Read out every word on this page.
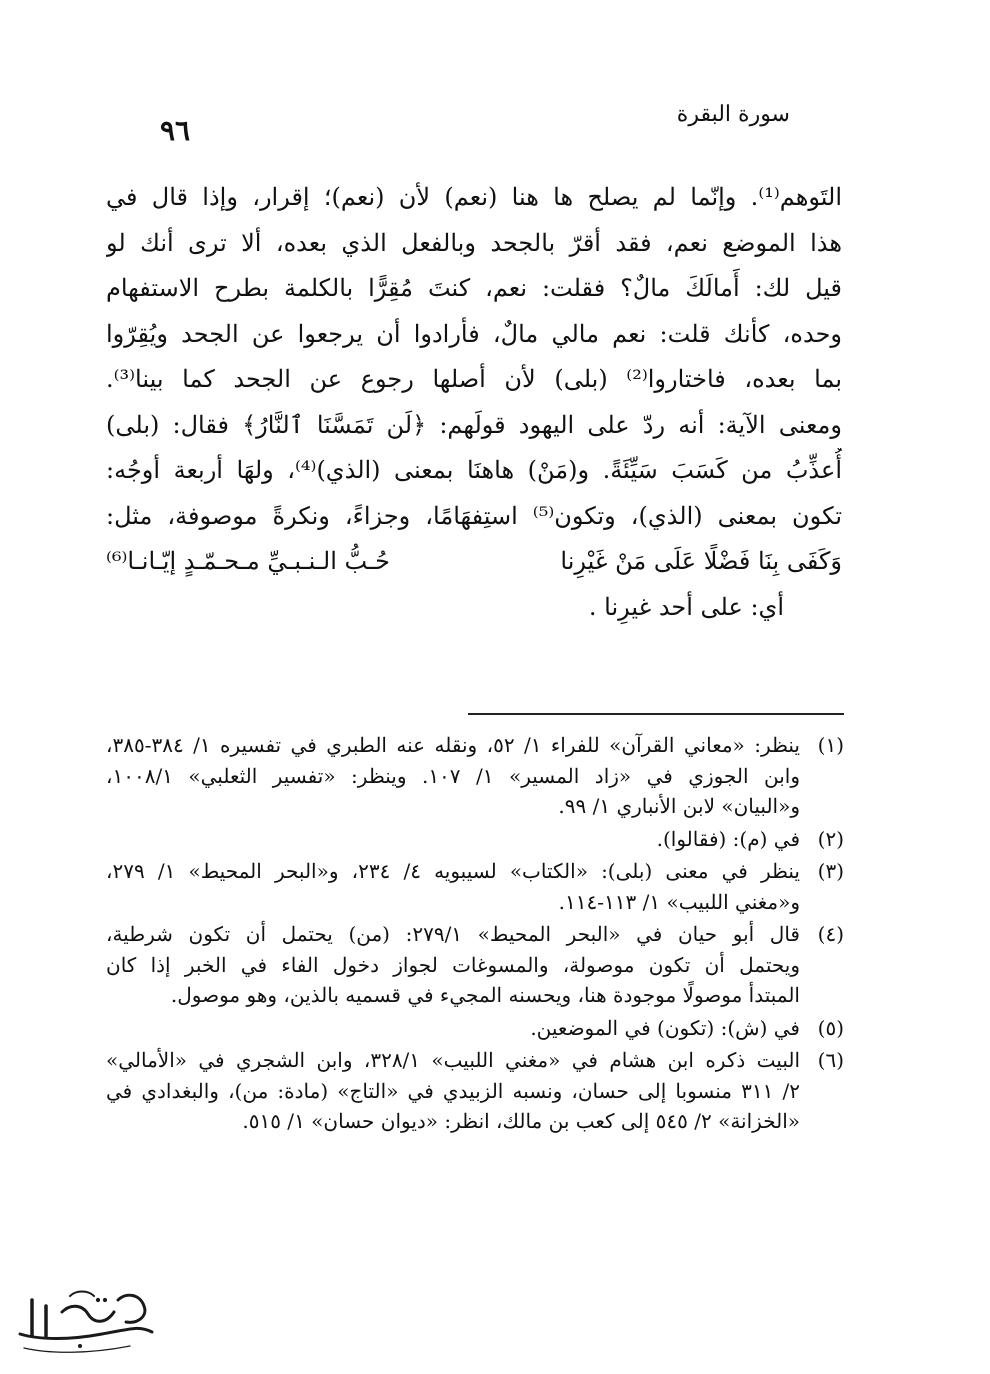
سورة البقرة
٩٦
التَوهم⁽¹⁾. وإنّما لم يصلح ها هنا (نعم) لأن (نعم)؛ إقرار، وإذا قال في
هذا الموضع نعم، فقد أقرّ بالجحد وبالفعل الذي بعده، ألا ترى أنك لو
قيل لك: أَمالَكَ مالٌ؟ فقلت: نعم، كنتَ مُقِرًّا بالكلمة بطرح الاستفهام
وحده، كأنك قلت: نعم مالي مالٌ، فأرادوا أن يرجعوا عن الجحد ويُقِرّوا
بما بعده، فاختاروا⁽²⁾ (بلى) لأن أصلها رجوع عن الجحد كما بينا⁽³⁾.
ومعنى الآية: أنه ردّ على اليهود قولَهم: ﴿لَن تَمَسَّنَا ٱلنَّارُ﴾ فقال: (بلى)
أُعذِّبُ من كَسَبَ سَيِّئَةً. و(مَنْ) هاهنَا بمعنى (الذي)⁽⁴⁾، ولهَا أربعة أوجُه:
تكون بمعنى (الذي)، وتكون⁽⁵⁾ استِفهَامًا، وجزاءً، ونكرةً موصوفة، مثل:
وَكَفَى بِنَا فَضْلًا عَلَى مَنْ غَيْرِنا
حُـبُّ الـنـبـيِّ مـحـمّـدٍ إيّـانـا⁽⁶⁾
أي: على أحد غيرِنا .
(١)
ينظر: «معاني القرآن» للفراء ١/ ٥٢، ونقله عنه الطبري في تفسيره ١/ ٣٨٤-٣٨٥،
وابن الجوزي في «زاد المسير» ١/ ١٠٧. وينظر: «تفسير الثعلبي» ١٠٠٨/١،
و«البيان» لابن الأنباري ١/ ٩٩.
(٢)
في (م): (فقالوا).
(٣)
ينظر في معنى (بلى): «الكتاب» لسيبويه ٤/ ٢٣٤، و«البحر المحيط» ١/ ٢٧٩،
و«مغني اللبيب» ١/ ١١٣-١١٤.
(٤)
قال أبو حيان في «البحر المحيط» ٢٧٩/١: (من) يحتمل أن تكون شرطية،
ويحتمل أن تكون موصولة، والمسوغات لجواز دخول الفاء في الخبر إذا كان
المبتدأ موصولًا موجودة هنا، ويحسنه المجيء في قسميه بالذين، وهو موصول.
(٥)
في (ش): (تكون) في الموضعين.
(٦)
البيت ذكره ابن هشام في «مغني اللبيب» ٣٢٨/١، وابن الشجري في «الأمالي»
٢/ ٣١١ منسوبا إلى حسان، ونسبه الزبيدي في «التاج» (مادة: من)، والبغدادي في
«الخزانة» ٢/ ٥٤٥ إلى كعب بن مالك، انظر: «ديوان حسان» ١/ ٥١٥.
